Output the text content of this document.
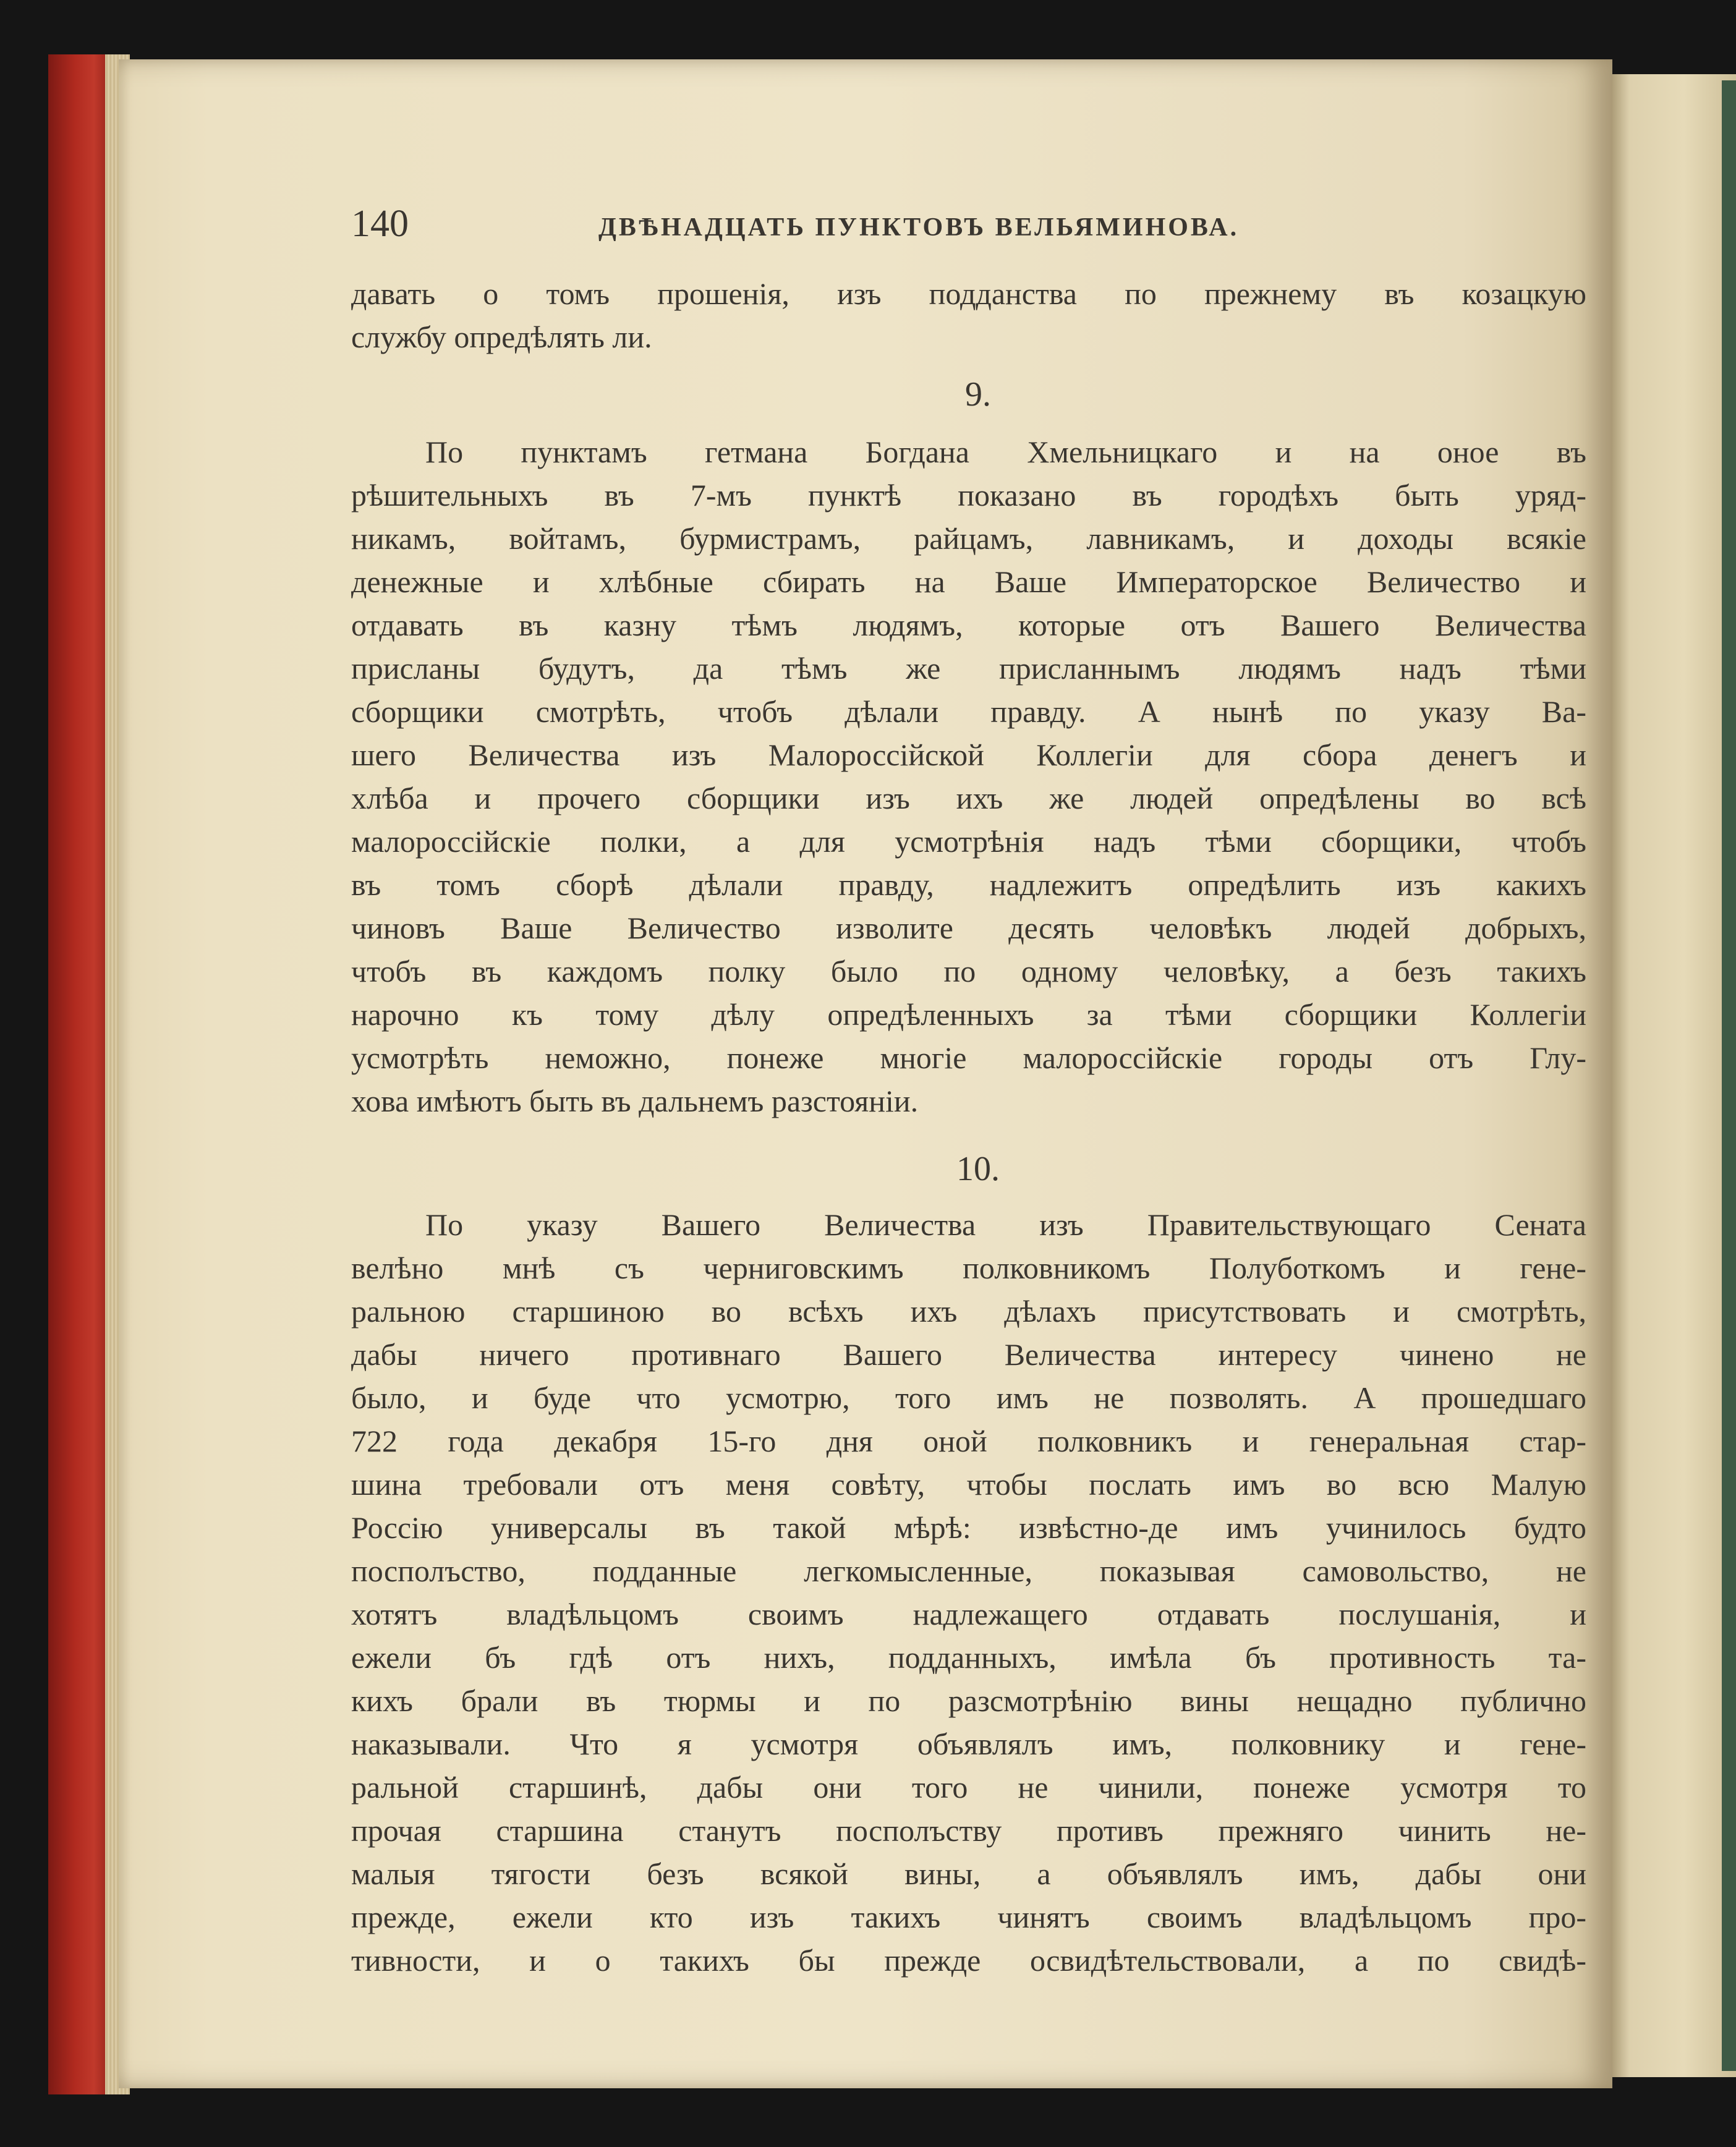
140	ДВѢНАДЦАТЬ ПУНКТОВЪ ВЕЛЬЯМИНОВА.

давать о томъ прошенія, изъ подданства по прежнему въ козацкую

службу опредѣлять ли.

9.

По пунктамъ гетмана Богдана Хмельницкаго и на оное въ

рѣшительныхъ въ 7-мъ пунктѣ показано въ городѣхъ быть уряд-

никамъ, войтамъ, бурмистрамъ, райцамъ, лавникамъ, и доходы всякіе

денежные и хлѣбные сбирать на Ваше Императорское Величество и

отдавать въ казну тѣмъ людямъ, которые отъ Вашего Величества

присланы будутъ, да тѣмъ же присланнымъ людямъ надъ тѣми

сборщики смотрѣть, чтобъ дѣлали правду. А нынѣ по указу Ва-

шего Величества изъ Малороссійской Коллегіи для сбора денегъ и

хлѣба и прочего сборщики изъ ихъ же людей опредѣлены во всѣ

малороссійскіе полки, а для усмотрѣнія надъ тѣми сборщики, чтобъ

въ томъ сборѣ дѣлали правду, надлежитъ опредѣлить изъ какихъ

чиновъ Ваше Величество изволите десять человѣкъ людей добрыхъ,

чтобъ въ каждомъ полку было по одному человѣку, а безъ такихъ

нарочно къ тому дѣлу опредѣленныхъ за тѣми сборщики Коллегіи

усмотрѣть неможно, понеже многіе малороссійскіе городы отъ Глу-

хова имѣютъ быть въ дальнемъ разстояніи.

10.

По указу Вашего Величества изъ Правительствующаго Сената

велѣно мнѣ съ черниговскимъ полковникомъ Полуботкомъ и гене-

ральною старшиною во всѣхъ ихъ дѣлахъ присутствовать и смотрѣть,

дабы ничего противнаго Вашего Величества интересу чинено не

было, и буде что усмотрю, того имъ не позволять. А прошедшаго

722 года декабря 15-го дня оной полковникъ и генеральная стар-

шина требовали отъ меня совѣту, чтобы послать имъ во всю Малую

Россію универсалы въ такой мѣрѣ: извѣстно-де имъ учинилось будто

посполъство, подданные легкомысленные, показывая самовольство, не

хотятъ владѣльцомъ своимъ надлежащего отдавать послушанія, и

ежели бъ гдѣ отъ нихъ, подданныхъ, имѣла бъ противность та-

кихъ брали въ тюрмы и по разсмотрѣнію вины нещадно публично

наказывали. Что я усмотря объявлялъ имъ, полковнику и гене-

ральной старшинѣ, дабы они того не чинили, понеже усмотря то

прочая старшина станутъ посполъству противъ прежняго чинить не-

малыя тягости безъ всякой вины, а объявлялъ имъ, дабы они

прежде, ежели кто изъ такихъ чинятъ своимъ владѣльцомъ про-

тивности, и о такихъ бы прежде освидѣтельствовали, а по свидѣ-
